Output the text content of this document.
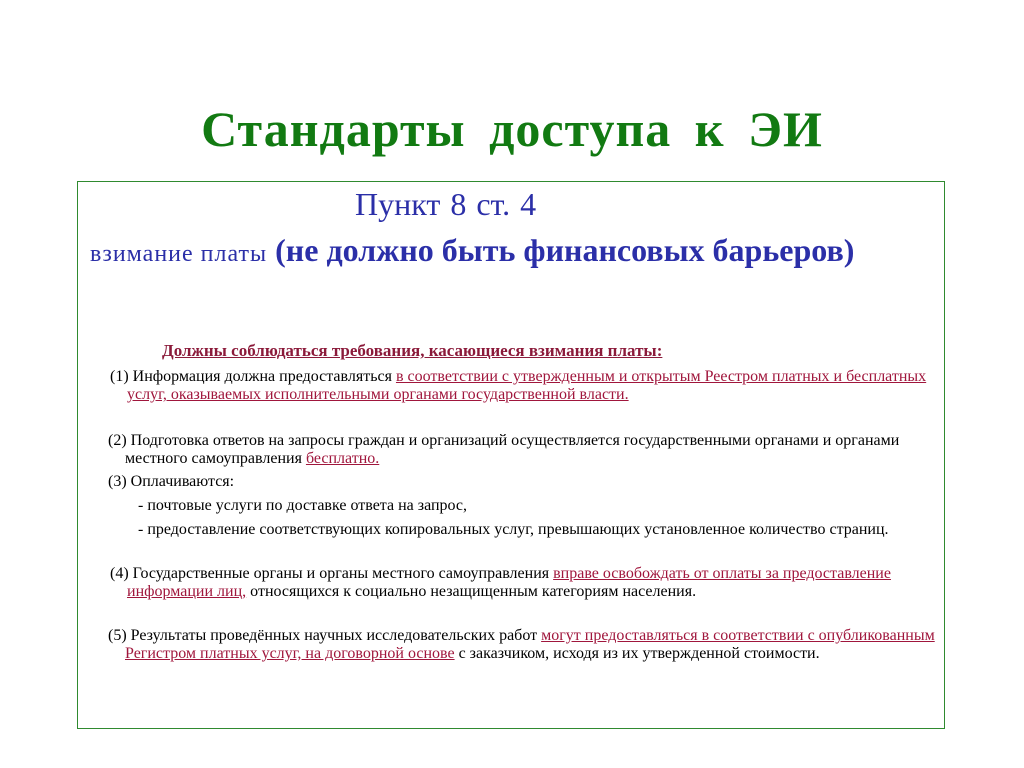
Стандарты доступа к ЭИ

Пункт 8 ст. 4

взимание платы (не должно быть финансовых барьеров)

Должны соблюдаться требования, касающиеся взимания платы:

(1) Информация должна предоставляться в соответствии с утвержденным и открытым Реестром платных и бесплатных услуг, оказываемых исполнительными органами государственной власти.

(2) Подготовка ответов на запросы граждан и организаций осуществляется государственными органами и органами местного самоуправления бесплатно.

(3) Оплачиваются:

- почтовые услуги по доставке ответа на запрос,

- предоставление соответствующих копировальных услуг, превышающих установленное количество страниц.

(4) Государственные органы и органы местного самоуправления вправе освобождать от оплаты за предоставление информации лиц, относящихся к социально незащищенным категориям населения.

(5) Результаты проведённых научных исследовательских работ могут предоставляться в соответствии с опубликованным Регистром платных услуг, на договорной основе с заказчиком, исходя из их утвержденной стоимости.
